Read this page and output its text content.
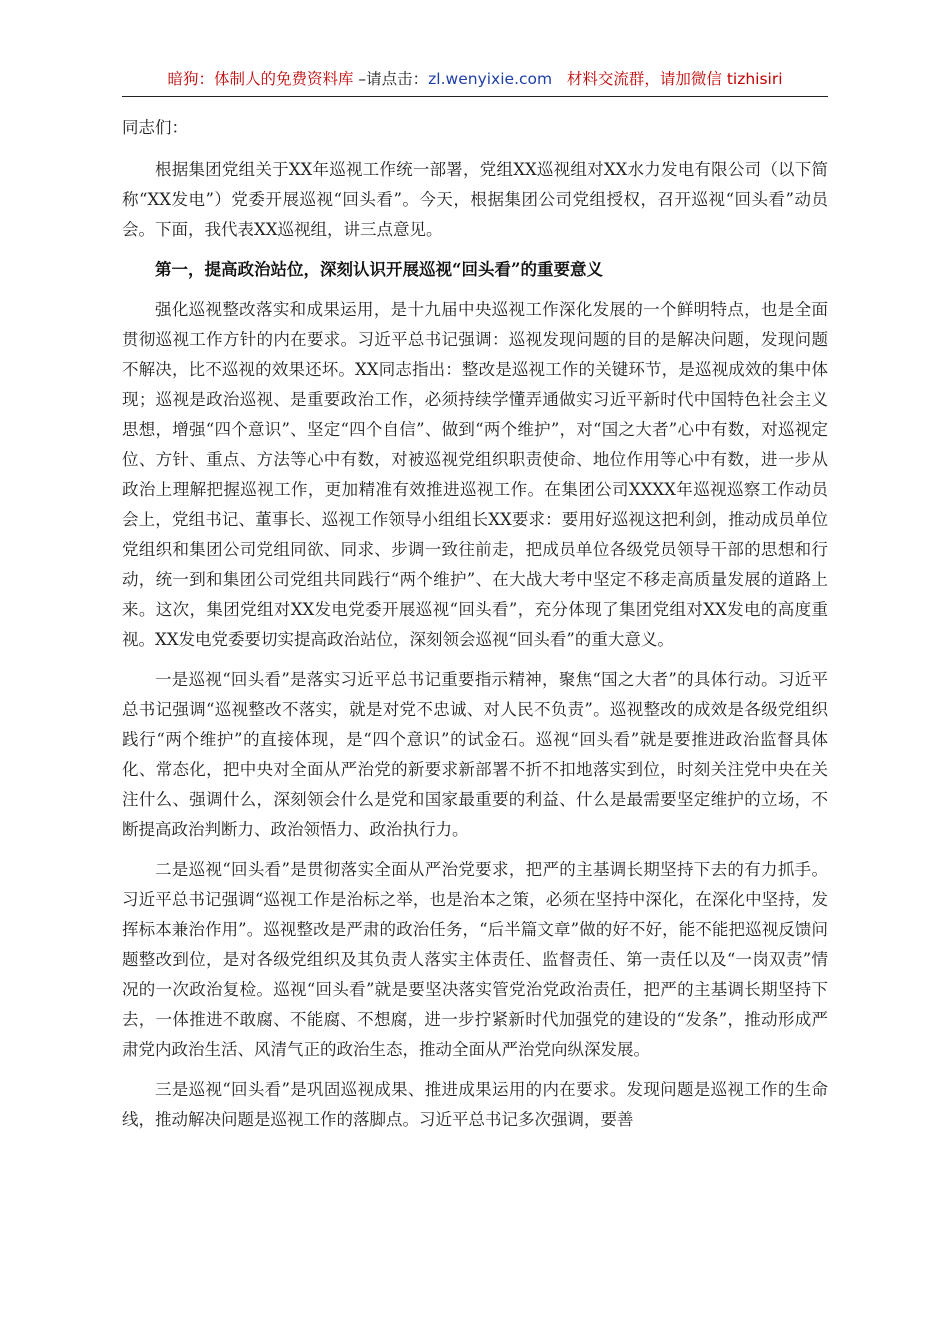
暗狗：体制人的免费资料库 –请点击：zl.wenyixie.com 材料交流群，请加微信 tizhisiri

同志们：

根据集团党组关于XX年巡视工作统一部署，党组XX巡视组对XX水力发电有限公司（以下简称“XX发电”）党委开展巡视“回头看”。今天，根据集团公司党组授权，召开巡视“回头看”动员会。下面，我代表XX巡视组，讲三点意见。

第一，提高政治站位，深刻认识开展巡视“回头看”的重要意义

强化巡视整改落实和成果运用，是十九届中央巡视工作深化发展的一个鲜明特点，也是全面贯彻巡视工作方针的内在要求。习近平总书记强调：巡视发现问题的目的是解决问题，发现问题不解决，比不巡视的效果还坏。XX同志指出：整改是巡视工作的关键环节，是巡视成效的集中体现；巡视是政治巡视、是重要政治工作，必须持续学懂弄通做实习近平新时代中国特色社会主义思想，增强“四个意识”、坚定“四个自信”、做到“两个维护”，对“国之大者”心中有数，对巡视定位、方针、重点、方法等心中有数，对被巡视党组织职责使命、地位作用等心中有数，进一步从政治上理解把握巡视工作，更加精准有效推进巡视工作。在集团公司XXXX年巡视巡察工作动员会上，党组书记、董事长、巡视工作领导小组组长XX要求：要用好巡视这把利剑，推动成员单位党组织和集团公司党组同欲、同求、步调一致往前走，把成员单位各级党员领导干部的思想和行动，统一到和集团公司党组共同践行“两个维护”、在大战大考中坚定不移走高质量发展的道路上来。这次，集团党组对XX发电党委开展巡视“回头看”，充分体现了集团党组对XX发电的高度重视。XX发电党委要切实提高政治站位，深刻领会巡视“回头看”的重大意义。

一是巡视“回头看”是落实习近平总书记重要指示精神，聚焦“国之大者”的具体行动。习近平总书记强调“巡视整改不落实，就是对党不忠诚、对人民不负责”。巡视整改的成效是各级党组织践行“两个维护”的直接体现，是“四个意识”的试金石。巡视“回头看”就是要推进政治监督具体化、常态化，把中央对全面从严治党的新要求新部署不折不扣地落实到位，时刻关注党中央在关注什么、强调什么，深刻领会什么是党和国家最重要的利益、什么是最需要坚定维护的立场，不断提高政治判断力、政治领悟力、政治执行力。

二是巡视“回头看”是贯彻落实全面从严治党要求，把严的主基调长期坚持下去的有力抓手。习近平总书记强调“巡视工作是治标之举，也是治本之策，必须在坚持中深化，在深化中坚持，发挥标本兼治作用”。巡视整改是严肃的政治任务，“后半篇文章”做的好不好，能不能把巡视反馈问题整改到位，是对各级党组织及其负责人落实主体责任、监督责任、第一责任以及“一岗双责”情况的一次政治复检。巡视“回头看”就是要坚决落实管党治党政治责任，把严的主基调长期坚持下去，一体推进不敢腐、不能腐、不想腐，进一步拧紧新时代加强党的建设的“发条”，推动形成严肃党内政治生活、风清气正的政治生态，推动全面从严治党向纵深发展。

三是巡视“回头看”是巩固巡视成果、推进成果运用的内在要求。发现问题是巡视工作的生命线，推动解决问题是巡视工作的落脚点。习近平总书记多次强调，要善
